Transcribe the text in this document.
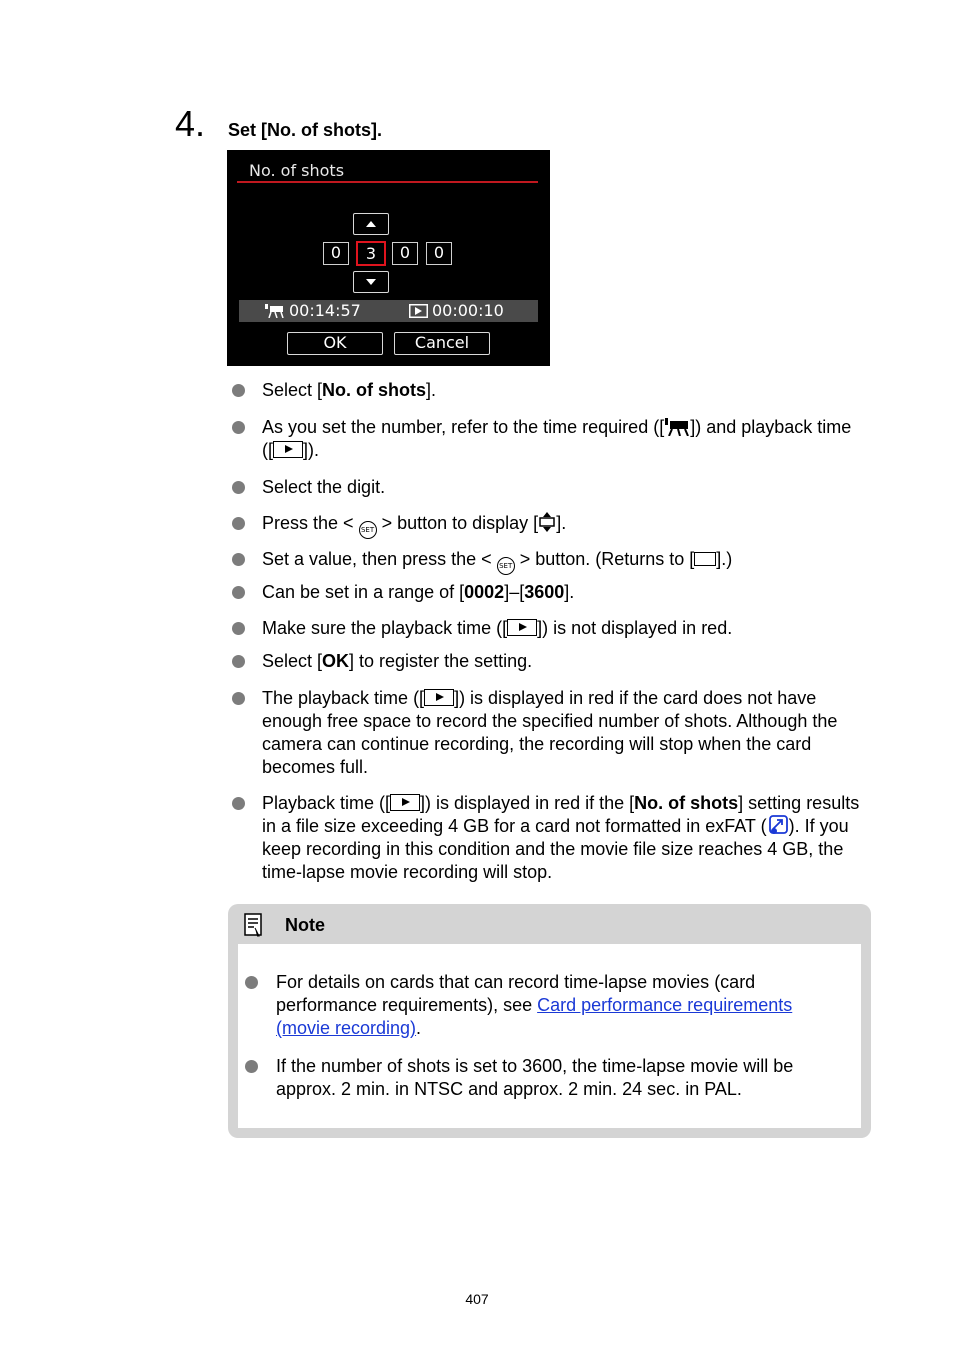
4. Set [No. of shots].
No. of shots
0	3	0	0
00:14:57	00:00:10
OK	Cancel
Select [No. of shots].
As you set the number, refer to the time required ([ ]) and playback time ([ ]).
Select the digit.
Press the < SET > button to display [ ].
Set a value, then press the < SET > button. (Returns to [ ].)
Can be set in a range of [0002]–[3600].
Make sure the playback time ([ ]) is not displayed in red.
Select [OK] to register the setting.
The playback time ([ ]) is displayed in red if the card does not have enough free space to record the specified number of shots. Although the camera can continue recording, the recording will stop when the card becomes full.
Playback time ([ ]) is displayed in red if the [No. of shots] setting results in a file size exceeding 4 GB for a card not formatted in exFAT ( ). If you keep recording in this condition and the movie file size reaches 4 GB, the time-lapse movie recording will stop.
Note
For details on cards that can record time-lapse movies (card performance requirements), see Card performance requirements (movie recording).
If the number of shots is set to 3600, the time-lapse movie will be approx. 2 min. in NTSC and approx. 2 min. 24 sec. in PAL.
407
